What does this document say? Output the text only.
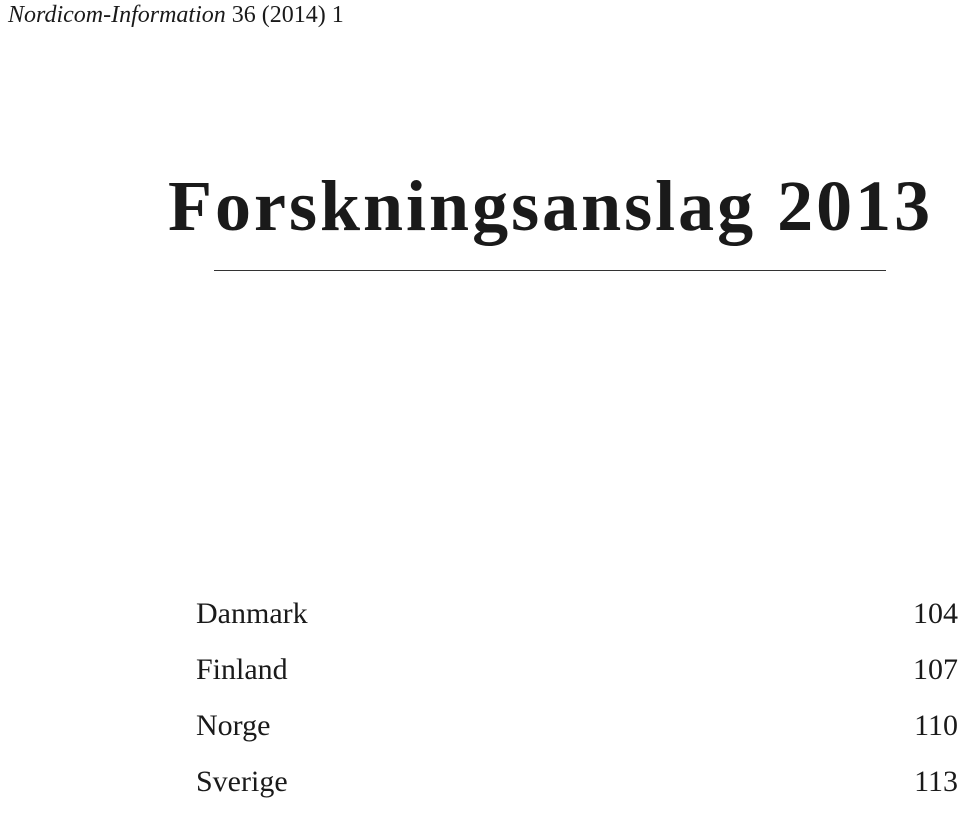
Nordicom-Information 36 (2014) 1
Forskningsanslag 2013
Danmark	104
Finland	107
Norge	110
Sverige	113
